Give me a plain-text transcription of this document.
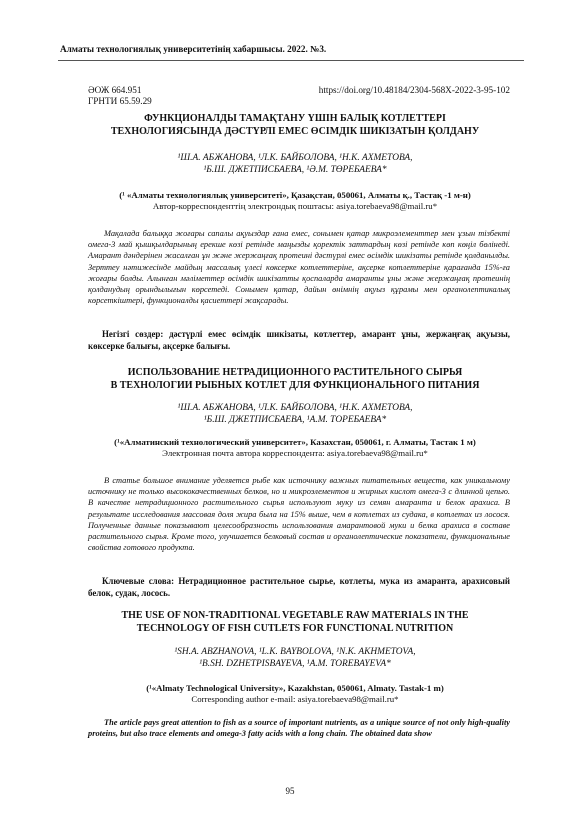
Алматы технологиялық университетінің хабаршысы. 2022. №3.
ӘОЖ 664.951
ГРНТИ 65.59.29
https://doi.org/10.48184/2304-568X-2022-3-95-102
ФУНКЦИОНАЛДЫ ТАМАҚТАНУ ҮШІН БАЛЫҚ КОТЛЕТТЕРІ
ТЕХНОЛОГИЯСЫНДА ДӘСТҮРЛІ ЕМЕС ӨСІМДІК ШИКІЗАТЫН ҚОЛДАНУ
¹Ш.А. АБЖАНОВА, ¹Л.К. БАЙБОЛОВА, ¹Н.К. АХМЕТОВА,
¹Б.Ш. ДЖЕТПИСБАЕВА, ¹Ә.М. ТӨРЕБАЕВА*
(¹ «Алматы технологиялық университеті», Қазақстан, 050061, Алматы қ., Тастақ -1 м-н)
Автор-корреспонденттің электрондық поштасы: asiya.torebaeva98@mail.ru*

Мақалада балыққа жоғары сапалы ақуыздар ғана емес, сонымен қатар микроэлементтер мен ұзын тізбекті омега-3 май қышқылдарының ерекше көзі ретінде маңызды қоректік заттардың көзі ретінде көп көңіл бөлінеді. Амарант дәндерінен жасалған ұн және жержаңғақ протеині дәстүрлі емес өсімдік шикізаты ретінде қолданылды. Зерттеу нәтижесінде майдың массалық үлесі көксерке котлеттеріне, ақсерке котлеттеріне қарағанда 15%-ға жоғары болды. Алынған мәліметтер өсімдік шикізатты қоспаларда амаранты ұны және жержаңғақ протеинің қолданудың орындылығын көрсетеді. Сонымен қатар, дайын өнімнің ақуыз құрамы мен органолептикалық көрсеткіштері, функционалды қасиеттері жақсарады.

Негізгі сөздер: дәстүрлі емес өсімдік шикізаты, котлеттер, амарант ұны, жержаңғақ ақуызы, көксерке балығы, ақсерке балығы.
ИСПОЛЬЗОВАНИЕ НЕТРАДИЦИОННОГО РАСТИТЕЛЬНОГО СЫРЬЯ
В ТЕХНОЛОГИИ РЫБНЫХ КОТЛЕТ ДЛЯ ФУНКЦИОНАЛЬНОГО ПИТАНИЯ
¹Ш.А. АБЖАНОВА, ¹Л.К. БАЙБОЛОВА, ¹Н.К. АХМЕТОВА,
¹Б.Ш. ДЖЕТПИСБАЕВА, ¹А.М. ТОРЕБАЕВА*
(¹«Алматинский технологический университет», Казахстан, 050061, г. Алматы, Тастак 1 м)
Электронная почта автора корреспондента: asiya.torebaeva98@mail.ru*

В статье большое внимание уделяется рыбе как источнику важных питательных веществ, как уникальному источнику не только высококачественных белков, но и микроэлементов и жирных кислот омега-3 с длинной цепью. В качестве нетрадиционного растительного сырья используют муку из семян амаранта и белок арахиса. В результате исследования массовая доля жира была на 15% выше, чем в котлетах из судака, в котлетах из лосося. Полученные данные показывают целесообразность использования амарантовой муки и белка арахиса в составе растительного сырья. Кроме того, улучшается белковый состав и органолептические показатели, функциональные свойства готового продукта.

Ключевые слова: Нетрадиционное растительное сырье, котлеты, мука из амаранта, арахисовый белок, судак, лосось.
THE USE OF NON-TRADITIONAL VEGETABLE RAW MATERIALS IN THE
TECHNOLOGY OF FISH CUTLETS FOR FUNCTIONAL NUTRITION
¹SH.A. ABZHANOVA, ¹L.K. BAYBOLOVA, ¹N.K. AKHMETOVA,
¹B.SH. DZHETPISBAYEVA, ¹A.M. TOREBAYEVA*
(¹«Almaty Technological University», Kazakhstan, 050061, Almaty. Tastak-1 m)
Corresponding author e-mail: asiya.torebaeva98@mail.ru*

The article pays great attention to fish as a source of important nutrients, as a unique source of not only high-quality proteins, but also trace elements and omega-3 fatty acids with a long chain. The obtained data show

95
